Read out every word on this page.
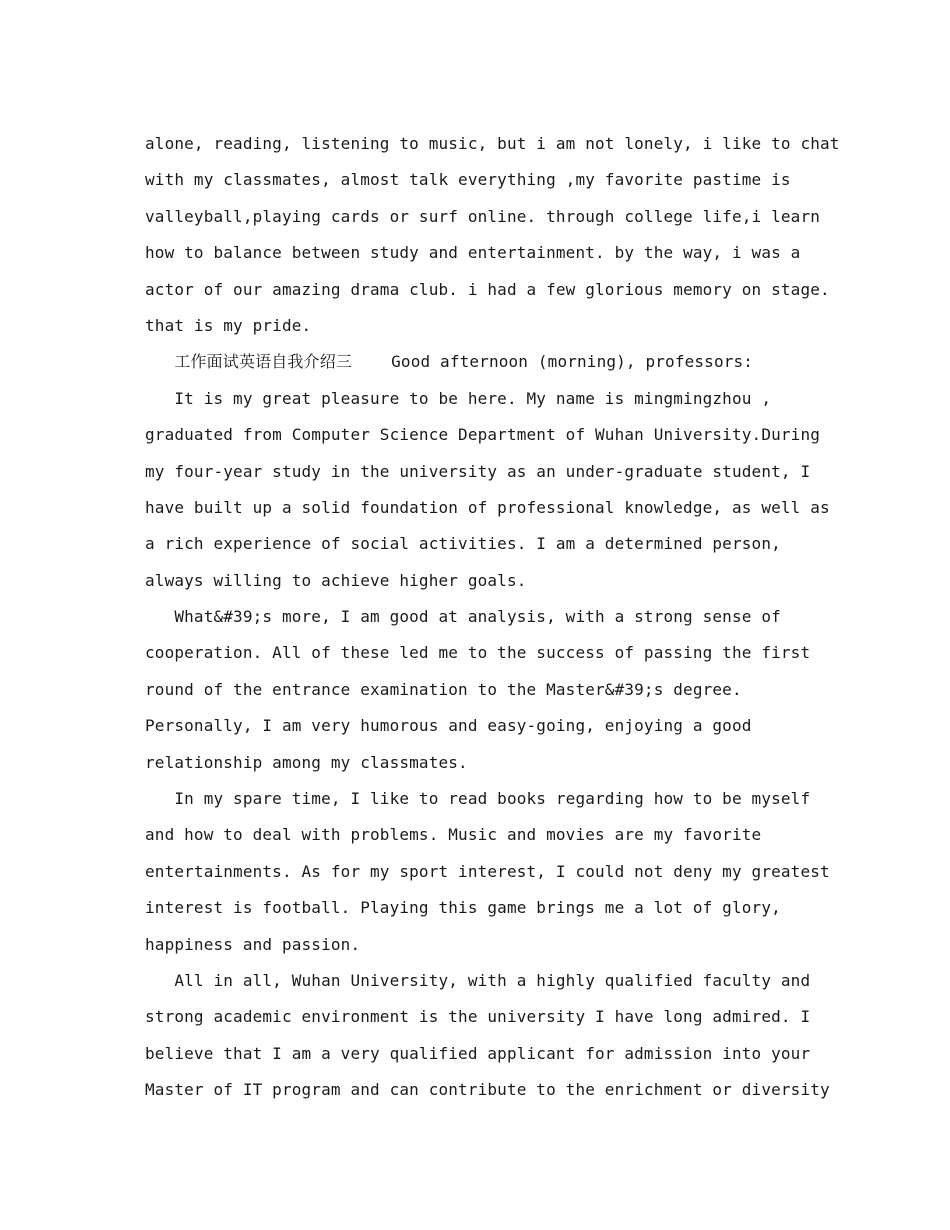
alone, reading, listening to music, but i am not lonely, i like to chat
with my classmates, almost talk everything ,my favorite pastime is
valleyball,playing cards or surf online. through college life,i learn
how to balance between study and entertainment. by the way, i was a
actor of our amazing drama club. i had a few glorious memory on stage.
that is my pride.
工作面试英语自我介绍三    Good afternoon (morning), professors:
It is my great pleasure to be here. My name is mingmingzhou ,
graduated from Computer Science Department of Wuhan University.During
my four-year study in the university as an under-graduate student, I
have built up a solid foundation of professional knowledge, as well as
a rich experience of social activities. I am a determined person,
always willing to achieve higher goals.
What&#39;s more, I am good at analysis, with a strong sense of
cooperation. All of these led me to the success of passing the first
round of the entrance examination to the Master&#39;s degree.
Personally, I am very humorous and easy-going, enjoying a good
relationship among my classmates.
In my spare time, I like to read books regarding how to be myself
and how to deal with problems. Music and movies are my favorite
entertainments. As for my sport interest, I could not deny my greatest
interest is football. Playing this game brings me a lot of glory,
happiness and passion.
All in all, Wuhan University, with a highly qualified faculty and
strong academic environment is the university I have long admired. I
believe that I am a very qualified applicant for admission into your
Master of IT program and can contribute to the enrichment or diversity
